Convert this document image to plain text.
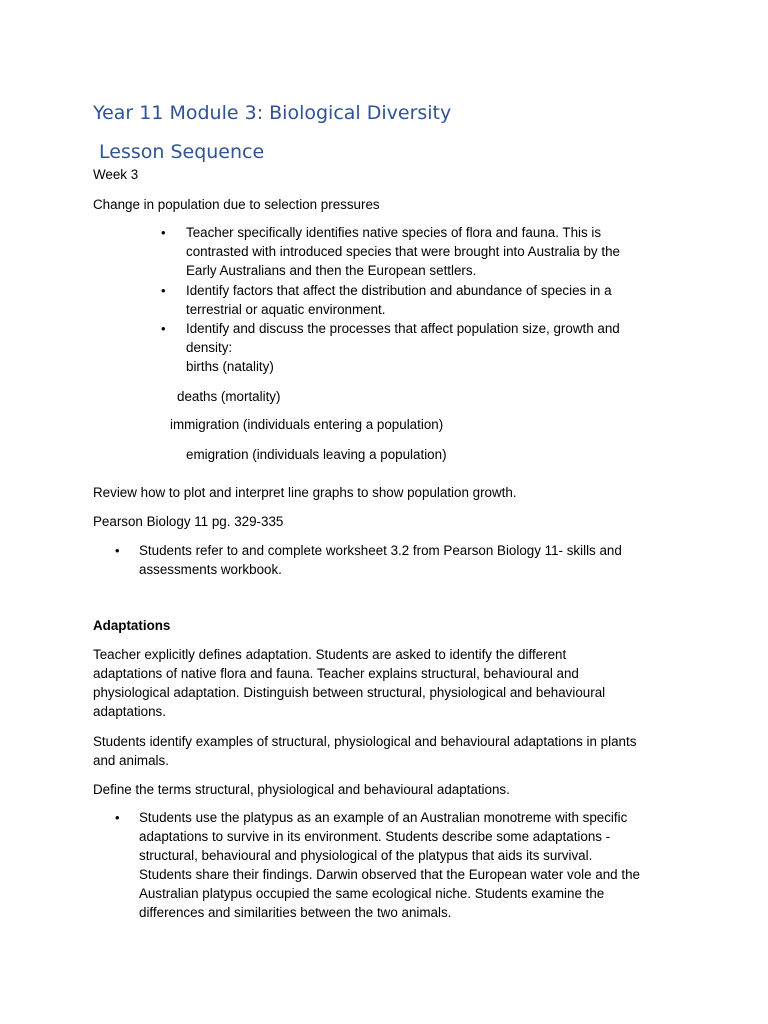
Year 11 Module 3: Biological Diversity
Lesson Sequence
Week 3
Change in population due to selection pressures
• Teacher specifically identifies native species of flora and fauna. This is
contrasted with introduced species that were brought into Australia by the
Early Australians and then the European settlers.
• Identify factors that affect the distribution and abundance of species in a
terrestrial or aquatic environment.
• Identify and discuss the processes that affect population size, growth and
density:
births (natality)
deaths (mortality)
immigration (individuals entering a population)
emigration (individuals leaving a population)
Review how to plot and interpret line graphs to show population growth.
Pearson Biology 11 pg. 329-335
• Students refer to and complete worksheet 3.2 from Pearson Biology 11- skills and
assessments workbook.
Adaptations
Teacher explicitly defines adaptation. Students are asked to identify the different
adaptations of native flora and fauna. Teacher explains structural, behavioural and
physiological adaptation. Distinguish between structural, physiological and behavioural
adaptations.
Students identify examples of structural, physiological and behavioural adaptations in plants
and animals.
Define the terms structural, physiological and behavioural adaptations.
• Students use the platypus as an example of an Australian monotreme with specific
adaptations to survive in its environment. Students describe some adaptations -
structural, behavioural and physiological of the platypus that aids its survival.
Students share their findings. Darwin observed that the European water vole and the
Australian platypus occupied the same ecological niche. Students examine the
differences and similarities between the two animals.
